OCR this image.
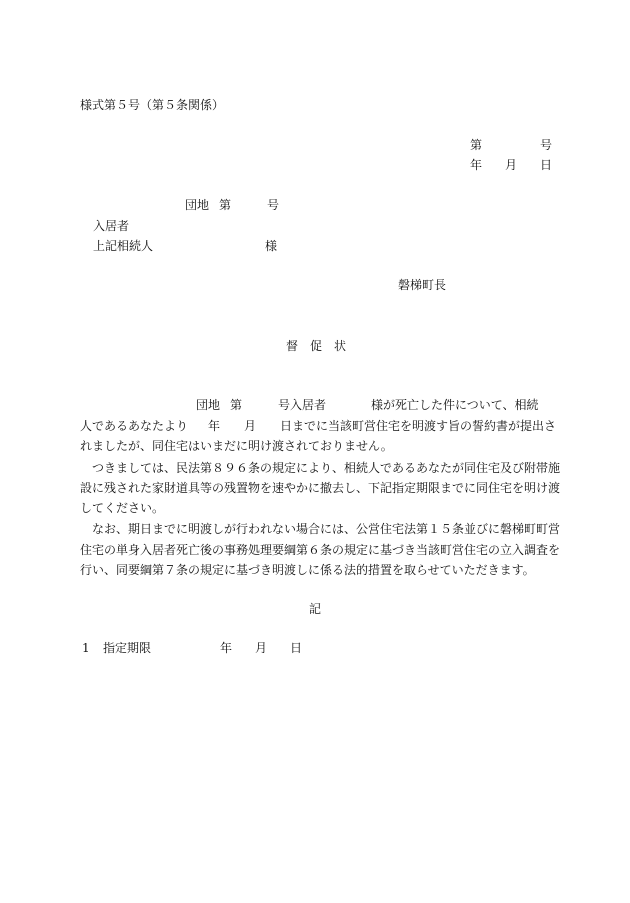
様式第５号（第５条関係）
第	号
年 月 日
団地 第	号
入居者
上記相続人	様
磐梯町長
督　促　状
団地 第	号入居者	様が死亡した件について、相続
人であるあなたより 年 月 日までに当該町営住宅を明渡す旨の誓約書が提出さ
れましたが、同住宅はいまだに明け渡されておりません。
つきましては、民法第８９６条の規定により、相続人であるあなたが同住宅及び附帯施
設に残された家財道具等の残置物を速やかに撤去し、下記指定期限までに同住宅を明け渡
してください。
なお、期日までに明渡しが行われない場合には、公営住宅法第１５条並びに磐梯町町営
住宅の単身入居者死亡後の事務処理要綱第６条の規定に基づき当該町営住宅の立入調査を
行い、同要綱第７条の規定に基づき明渡しに係る法的措置を取らせていただきます。
記
1 指定期限	年 月 日
